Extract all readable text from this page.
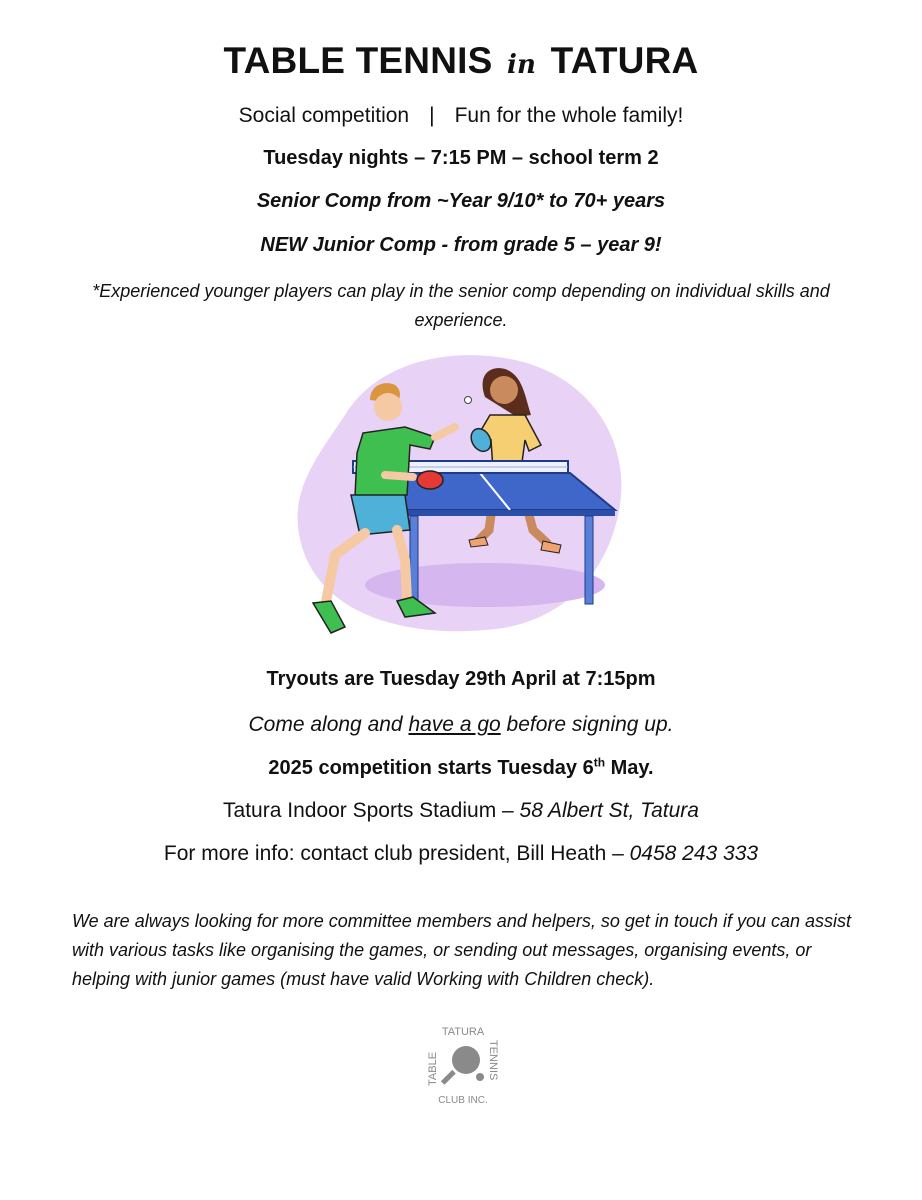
TABLE TENNIS in TATURA
Social competition | Fun for the whole family!
Tuesday nights – 7:15 PM – school term 2
Senior Comp from ~Year 9/10* to 70+ years
NEW Junior Comp - from grade 5 – year 9!
*Experienced younger players can play in the senior comp depending on individual skills and experience.
Tryouts are Tuesday 29th April at 7:15pm
Come along and have a go before signing up.
2025 competition starts Tuesday 6th May.
Tatura Indoor Sports Stadium – 58 Albert St, Tatura
For more info: contact club president, Bill Heath – 0458 243 333
We are always looking for more committee members and helpers, so get in touch if you can assist with various tasks like organising the games, or sending out messages, organising events, or helping with junior games (must have valid Working with Children check).
TATURA
TABLE	TENNIS
CLUB INC.
